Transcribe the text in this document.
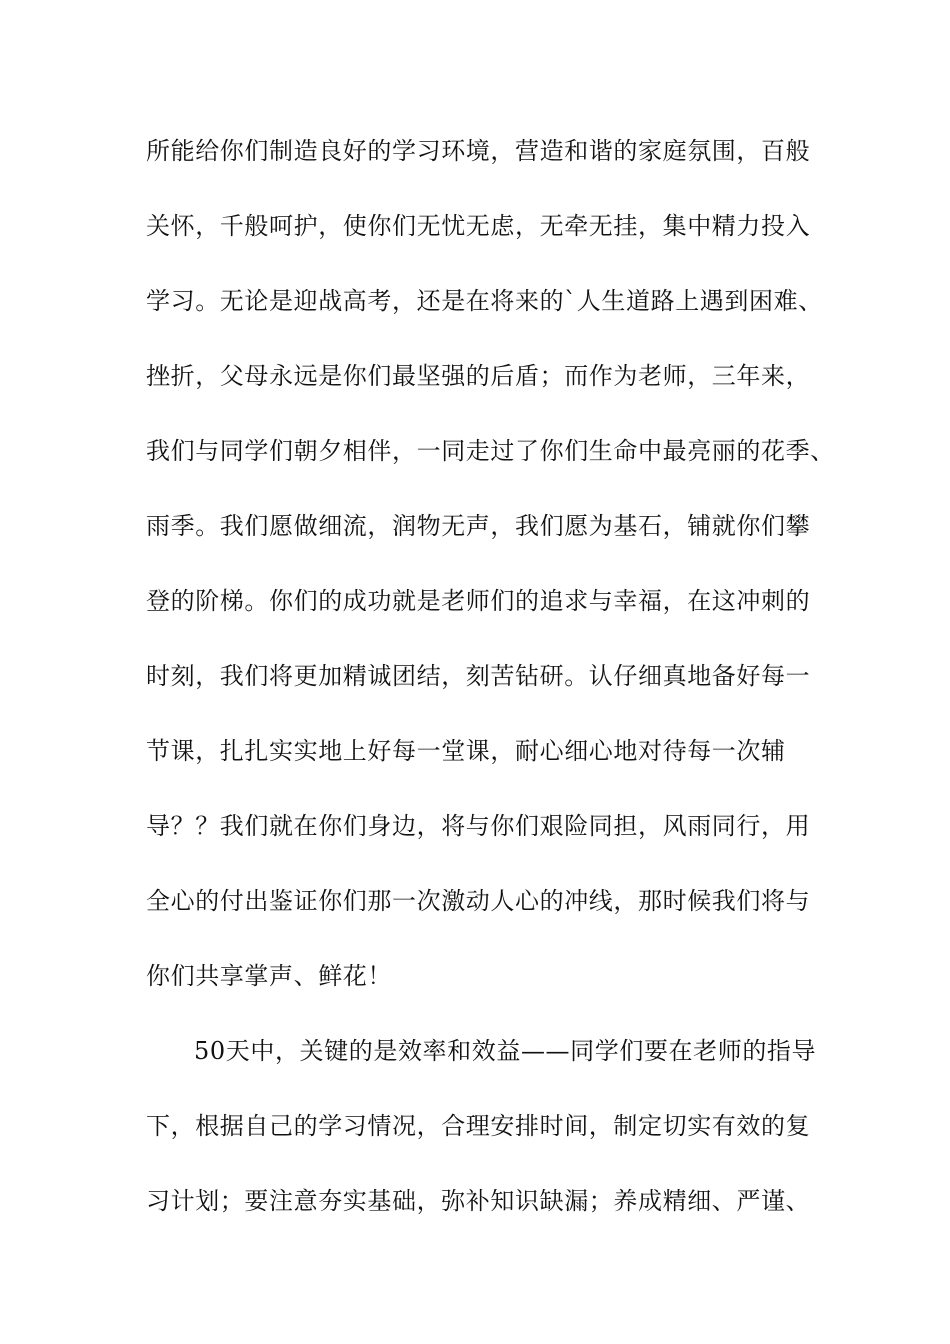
所能给你们制造良好的学习环境，营造和谐的家庭氛围，百般
关怀，千般呵护，使你们无忧无虑，无牵无挂，集中精力投入
学习。无论是迎战高考，还是在将来的`人生道路上遇到困难、
挫折，父母永远是你们最坚强的后盾；而作为老师，三年来，
我们与同学们朝夕相伴，一同走过了你们生命中最亮丽的花季、
雨季。我们愿做细流，润物无声，我们愿为基石，铺就你们攀
登的阶梯。你们的成功就是老师们的追求与幸福，在这冲刺的
时刻，我们将更加精诚团结，刻苦钻研。认仔细真地备好每一
节课，扎扎实实地上好每一堂课，耐心细心地对待每一次辅
导？？我们就在你们身边，将与你们艰险同担，风雨同行，用
全心的付出鉴证你们那一次激动人心的冲线，那时候我们将与
你们共享掌声、鲜花！
50天中，关键的是效率和效益——同学们要在老师的指导
下，根据自己的学习情况，合理安排时间，制定切实有效的复
习计划；要注意夯实基础，弥补知识缺漏；养成精细、严谨、
